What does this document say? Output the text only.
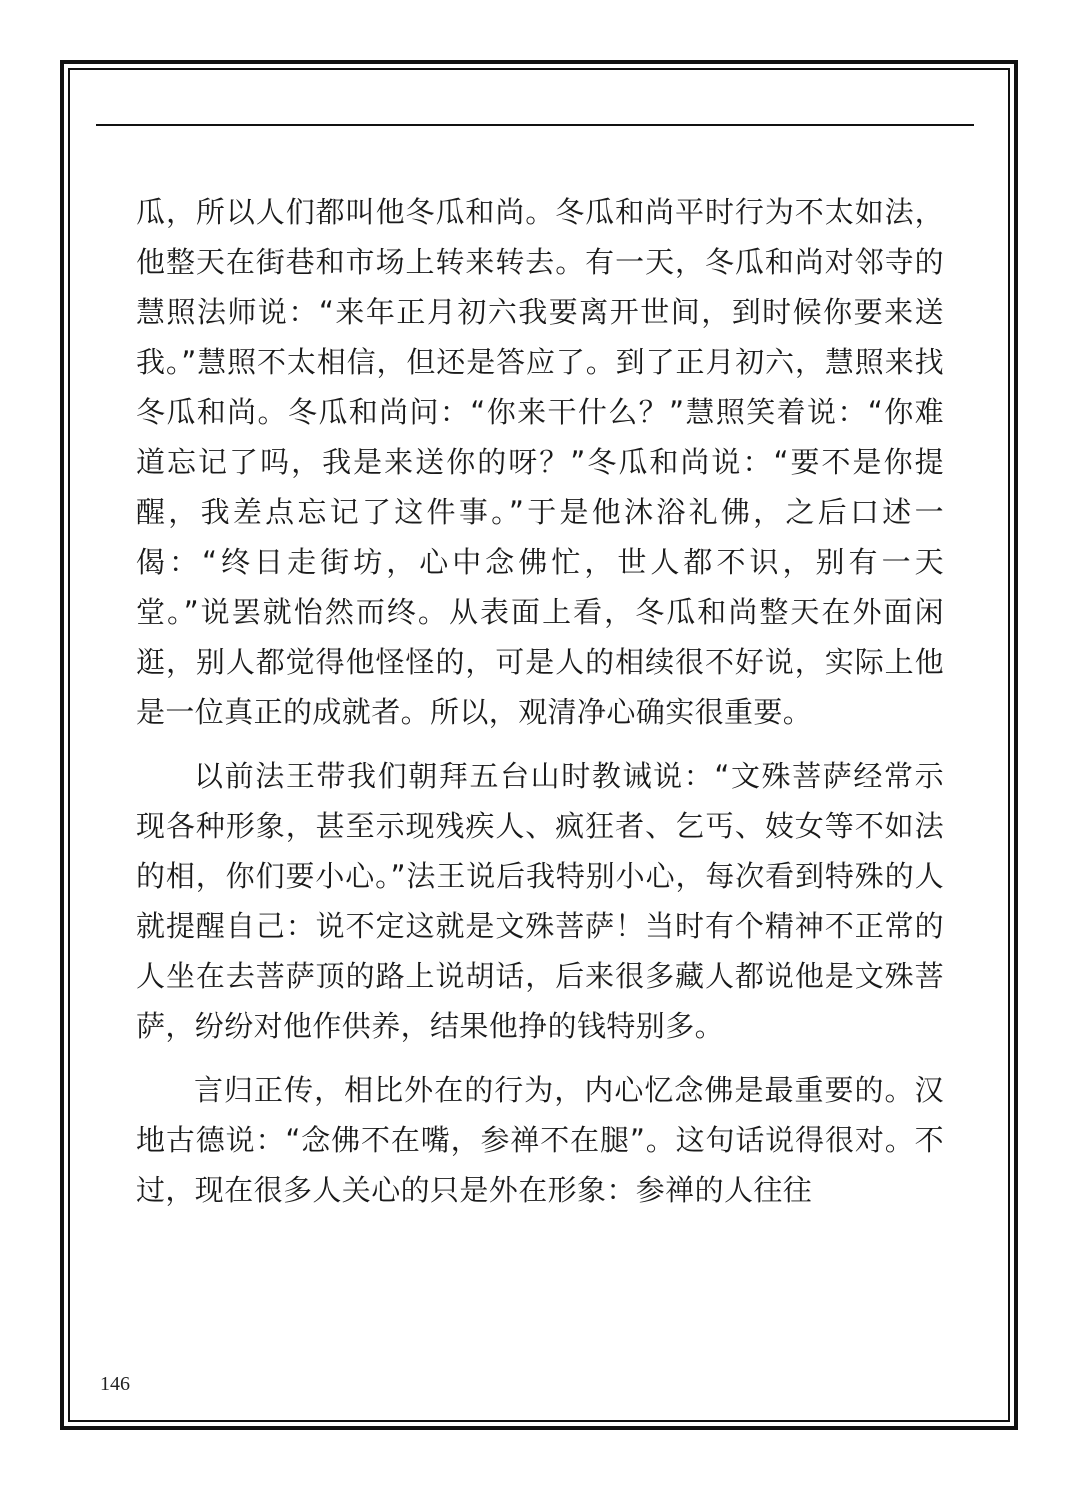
瓜，所以人们都叫他冬瓜和尚。冬瓜和尚平时行为不太如法，他整天在街巷和市场上转来转去。有一天，冬瓜和尚对邻寺的慧照法师说：“来年正月初六我要离开世间，到时候你要来送我。”慧照不太相信，但还是答应了。到了正月初六，慧照来找冬瓜和尚。冬瓜和尚问：“你来干什么？”慧照笑着说：“你难道忘记了吗，我是来送你的呀？”冬瓜和尚说：“要不是你提醒，我差点忘记了这件事。”于是他沐浴礼佛，之后口述一偈：“终日走街坊，心中念佛忙，世人都不识，别有一天堂。”说罢就怡然而终。从表面上看，冬瓜和尚整天在外面闲逛，别人都觉得他怪怪的，可是人的相续很不好说，实际上他是一位真正的成就者。所以，观清净心确实很重要。

以前法王带我们朝拜五台山时教诫说：“文殊菩萨经常示现各种形象，甚至示现残疾人、疯狂者、乞丐、妓女等不如法的相，你们要小心。”法王说后我特别小心，每次看到特殊的人就提醒自己：说不定这就是文殊菩萨！当时有个精神不正常的人坐在去菩萨顶的路上说胡话，后来很多藏人都说他是文殊菩萨，纷纷对他作供养，结果他挣的钱特别多。

言归正传，相比外在的行为，内心忆念佛是最重要的。汉地古德说：“念佛不在嘴，参禅不在腿”。这句话说得很对。不过，现在很多人关心的只是外在形象：参禅的人往往

146
